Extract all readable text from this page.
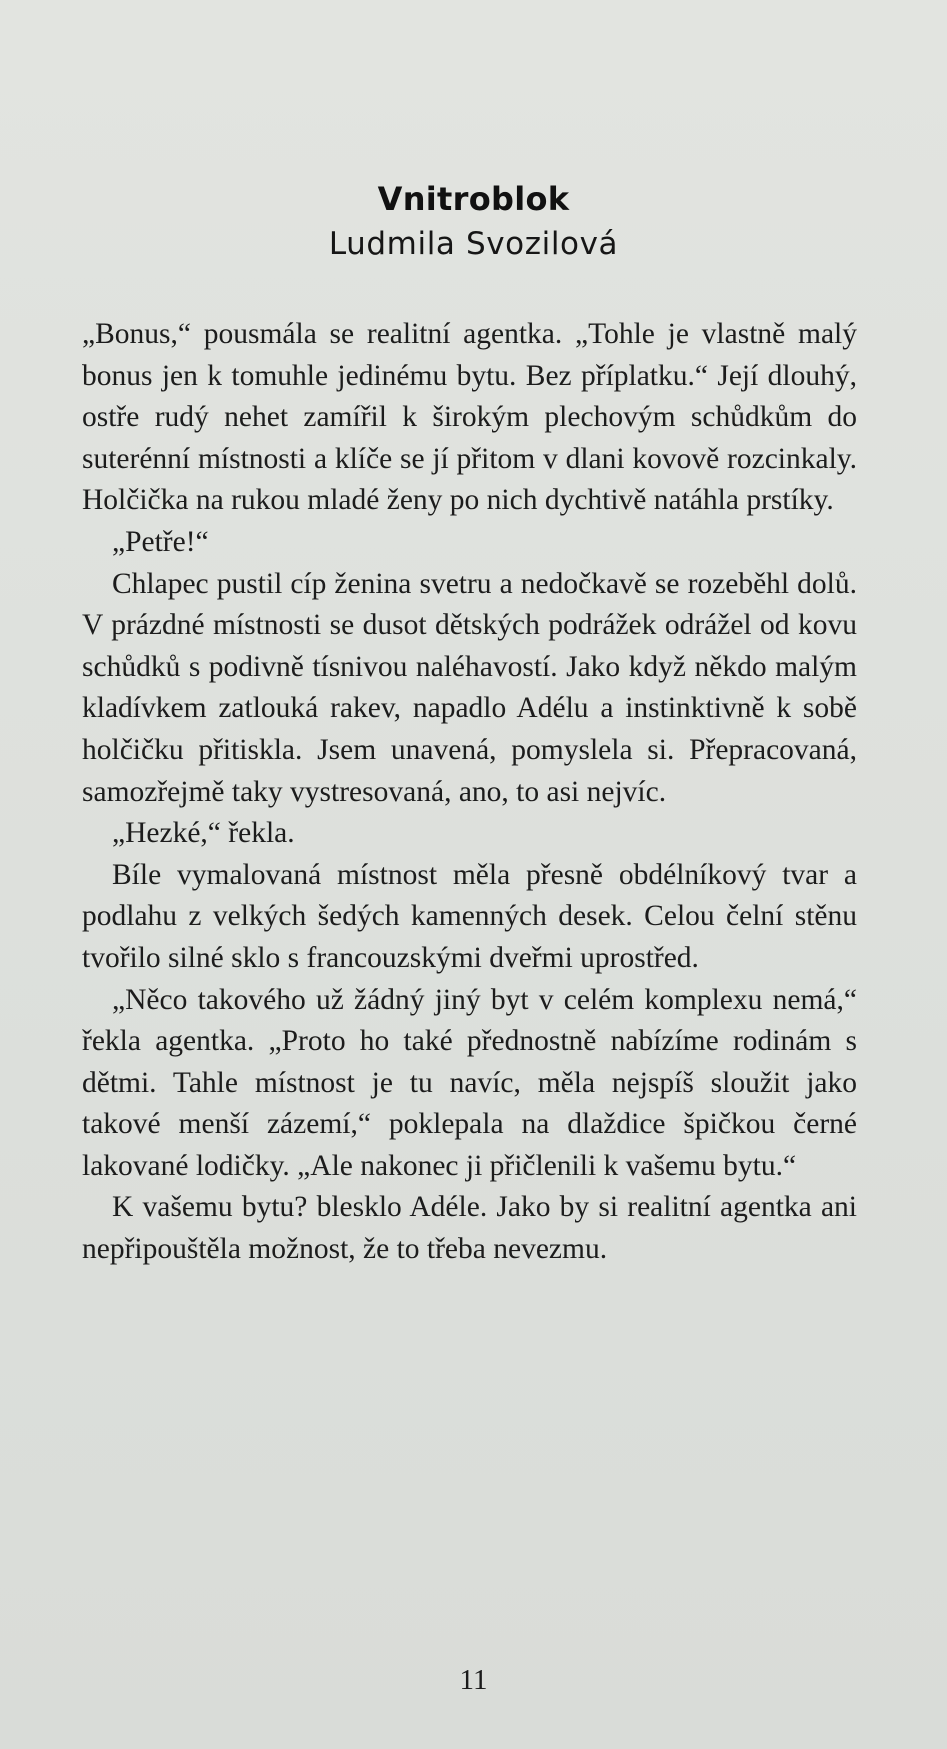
Vnitroblok
Ludmila Svozilová

„Bonus,“ pousmála se realitní agentka. „Tohle je vlastně malý bonus jen k tomuhle jedinému bytu. Bez příplatku.“ Její dlouhý, ostře rudý nehet zamířil k širokým plechovým schůdkům do suterénní místnosti a klíče se jí přitom v dlani kovově rozcinkaly. Holčička na rukou mladé ženy po nich dychtivě natáhla prstíky.

„Petře!“

Chlapec pustil cíp ženina svetru a nedočkavě se rozeběhl dolů. V prázdné místnosti se dusot dětských podrážek odrážel od kovu schůdků s podivně tísnivou naléhavostí. Jako když někdo malým kladívkem zatlouká rakev, napadlo Adélu a instinktivně k sobě holčičku přitiskla. Jsem unavená, pomyslela si. Přepracovaná, samozřejmě taky vystresovaná, ano, to asi nejvíc.

„Hezké,“ řekla.

Bíle vymalovaná místnost měla přesně obdélníkový tvar a podlahu z velkých šedých kamenných desek. Celou čelní stěnu tvořilo silné sklo s francouzskými dveřmi uprostřed.

„Něco takového už žádný jiný byt v celém komplexu nemá,“ řekla agentka. „Proto ho také přednostně nabízíme rodinám s dětmi. Tahle místnost je tu navíc, měla nejspíš sloužit jako takové menší zázemí,“ poklepala na dlaždice špičkou černé lakované lodičky. „Ale nakonec ji přičlenili k vašemu bytu.“

K vašemu bytu? blesklo Adéle. Jako by si realitní agentka ani nepřipouštěla možnost, že to třeba nevezmu.

11
